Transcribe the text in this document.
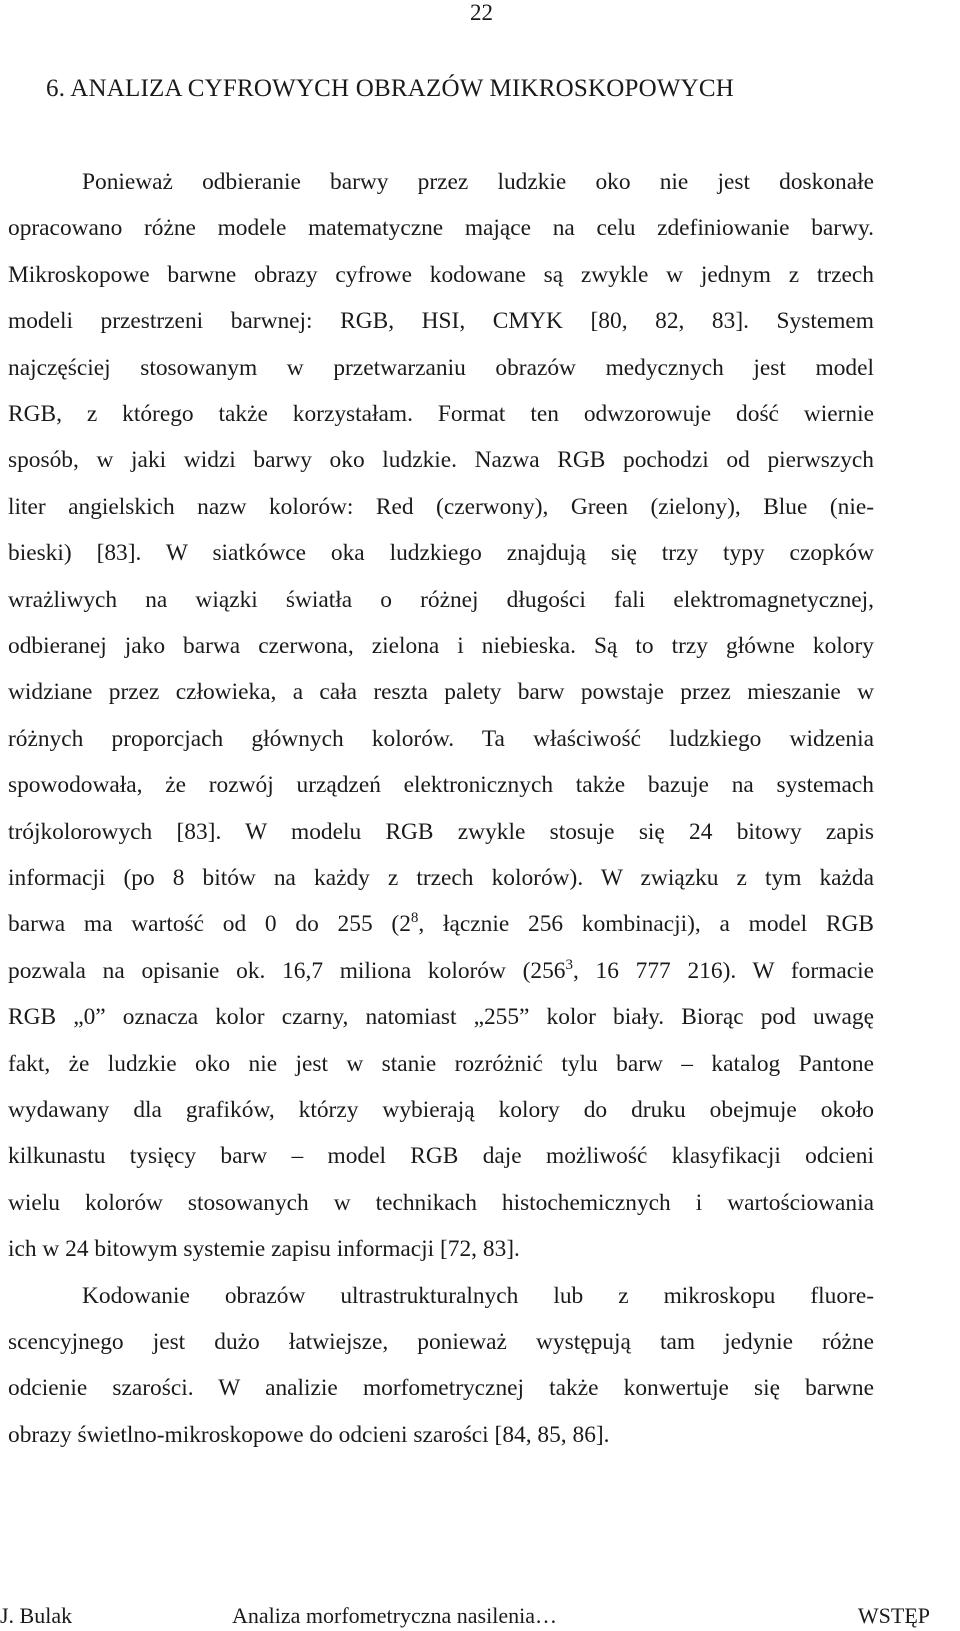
22
6. ANALIZA CYFROWYCH OBRAZÓW MIKROSKOPOWYCH
Ponieważ odbieranie barwy przez ludzkie oko nie jest doskonałe
opracowano różne modele matematyczne mające na celu zdefiniowanie barwy.
Mikroskopowe barwne obrazy cyfrowe kodowane są zwykle w jednym z trzech
modeli przestrzeni barwnej: RGB, HSI, CMYK [80, 82, 83]. Systemem
najczęściej stosowanym w przetwarzaniu obrazów medycznych jest model
RGB, z którego także korzystałam. Format ten odwzorowuje dość wiernie
sposób, w jaki widzi barwy oko ludzkie. Nazwa RGB pochodzi od pierwszych
liter angielskich nazw kolorów: Red (czerwony), Green (zielony), Blue (nie-
bieski) [83]. W siatkówce oka ludzkiego znajdują się trzy typy czopków
wrażliwych na wiązki światła o różnej długości fali elektromagnetycznej,
odbieranej jako barwa czerwona, zielona i niebieska. Są to trzy główne kolory
widziane przez człowieka, a cała reszta palety barw powstaje przez mieszanie w
różnych proporcjach głównych kolorów. Ta właściwość ludzkiego widzenia
spowodowała, że rozwój urządzeń elektronicznych także bazuje na systemach
trójkolorowych [83]. W modelu RGB zwykle stosuje się 24 bitowy zapis
informacji (po 8 bitów na każdy z trzech kolorów). W związku z tym każda
barwa ma wartość od 0 do 255 ($2^8$, łącznie 256 kombinacji), a model RGB
pozwala na opisanie ok. 16,7 miliona kolorów ($256^3$, 16 777 216). W formacie
RGB „0” oznacza kolor czarny, natomiast „255” kolor biały. Biorąc pod uwagę
fakt, że ludzkie oko nie jest w stanie rozróżnić tylu barw – katalog Pantone
wydawany dla grafików, którzy wybierają kolory do druku obejmuje około
kilkunastu tysięcy barw – model RGB daje możliwość klasyfikacji odcieni
wielu kolorów stosowanych w technikach histochemicznych i wartościowania
ich w 24 bitowym systemie zapisu informacji [72, 83].
Kodowanie obrazów ultrastrukturalnych lub z mikroskopu fluore-
scencyjnego jest dużo łatwiejsze, ponieważ występują tam jedynie różne
odcienie szarości. W analizie morfometrycznej także konwertuje się barwne
obrazy świetlno-mikroskopowe do odcieni szarości [84, 85, 86].
J. Bulak	Analiza morfometryczna nasilenia…	WSTĘP
